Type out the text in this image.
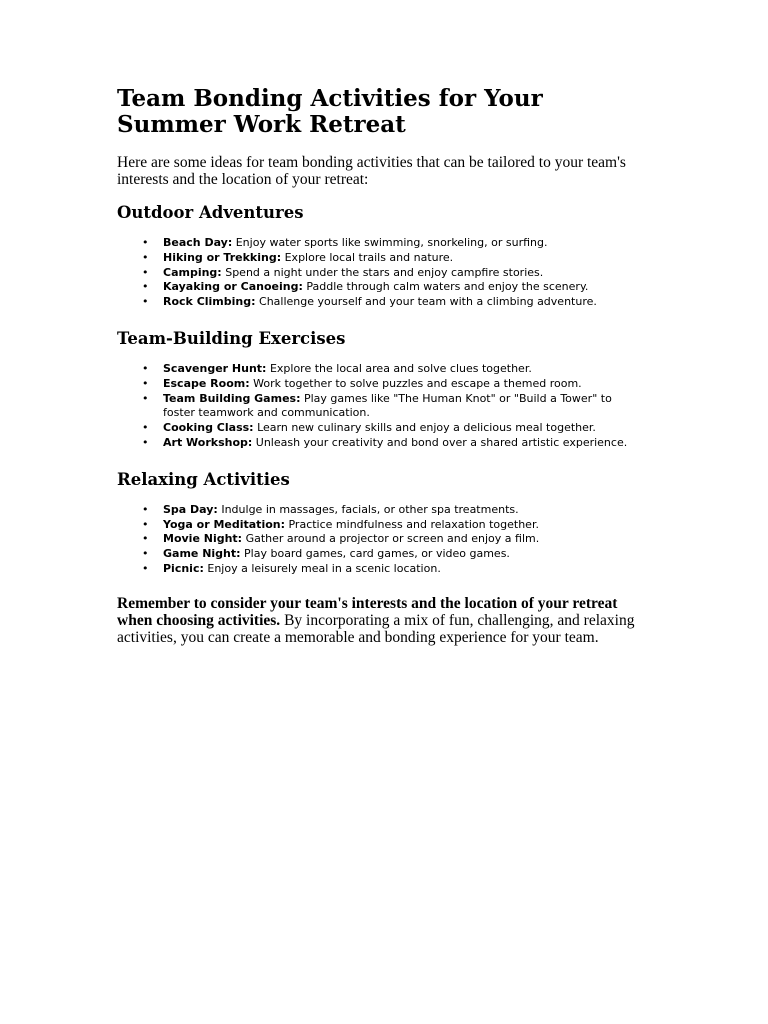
Team Bonding Activities for Your Summer Work Retreat

Here are some ideas for team bonding activities that can be tailored to your team's interests and the location of your retreat:

Outdoor Adventures
• Beach Day: Enjoy water sports like swimming, snorkeling, or surfing.
• Hiking or Trekking: Explore local trails and nature.
• Camping: Spend a night under the stars and enjoy campfire stories.
• Kayaking or Canoeing: Paddle through calm waters and enjoy the scenery.
• Rock Climbing: Challenge yourself and your team with a climbing adventure.
Team-Building Exercises
• Scavenger Hunt: Explore the local area and solve clues together.
• Escape Room: Work together to solve puzzles and escape a themed room.
• Team Building Games: Play games like "The Human Knot" or "Build a Tower" to foster teamwork and communication.
• Cooking Class: Learn new culinary skills and enjoy a delicious meal together.
• Art Workshop: Unleash your creativity and bond over a shared artistic experience.
Relaxing Activities
• Spa Day: Indulge in massages, facials, or other spa treatments.
• Yoga or Meditation: Practice mindfulness and relaxation together.
• Movie Night: Gather around a projector or screen and enjoy a film.
• Game Night: Play board games, card games, or video games.
• Picnic: Enjoy a leisurely meal in a scenic location.

Remember to consider your team's interests and the location of your retreat when choosing activities. By incorporating a mix of fun, challenging, and relaxing activities, you can create a memorable and bonding experience for your team.
